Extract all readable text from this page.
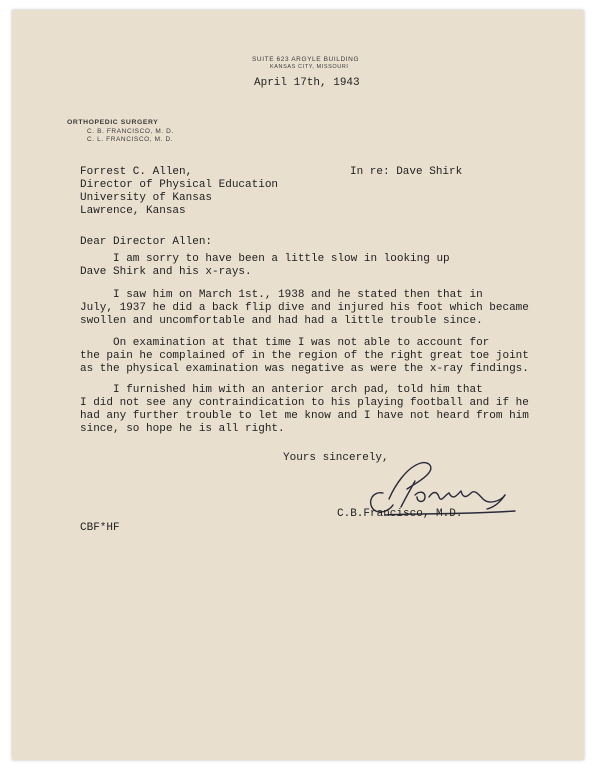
SUITE 623 ARGYLE BUILDING
KANSAS CITY, MISSOURI
April 17th, 1943
ORTHOPEDIC SURGERY
C. B. FRANCISCO, M. D.
C. L. FRANCISCO, M. D.
Forrest C. Allen,
Director of Physical Education
University of Kansas
Lawrence, Kansas
In re: Dave Shirk
Dear Director Allen:
I am sorry to have been a little slow in looking up
Dave Shirk and his x-rays.
I saw him on March 1st., 1938 and he stated then that in
July, 1937 he did a back flip dive and injured his foot which became
swollen and uncomfortable and had had a little trouble since.
On examination at that time I was not able to account for
the pain he complained of in the region of the right great toe joint
as the physical examination was negative as were the x-ray findings.
I furnished him with an anterior arch pad, told him that
I did not see any contraindication to his playing football and if he
had any further trouble to let me know and I have not heard from him
since, so hope he is all right.
Yours sincerely,
C.B.Francisco, M.D.
CBF*HF
